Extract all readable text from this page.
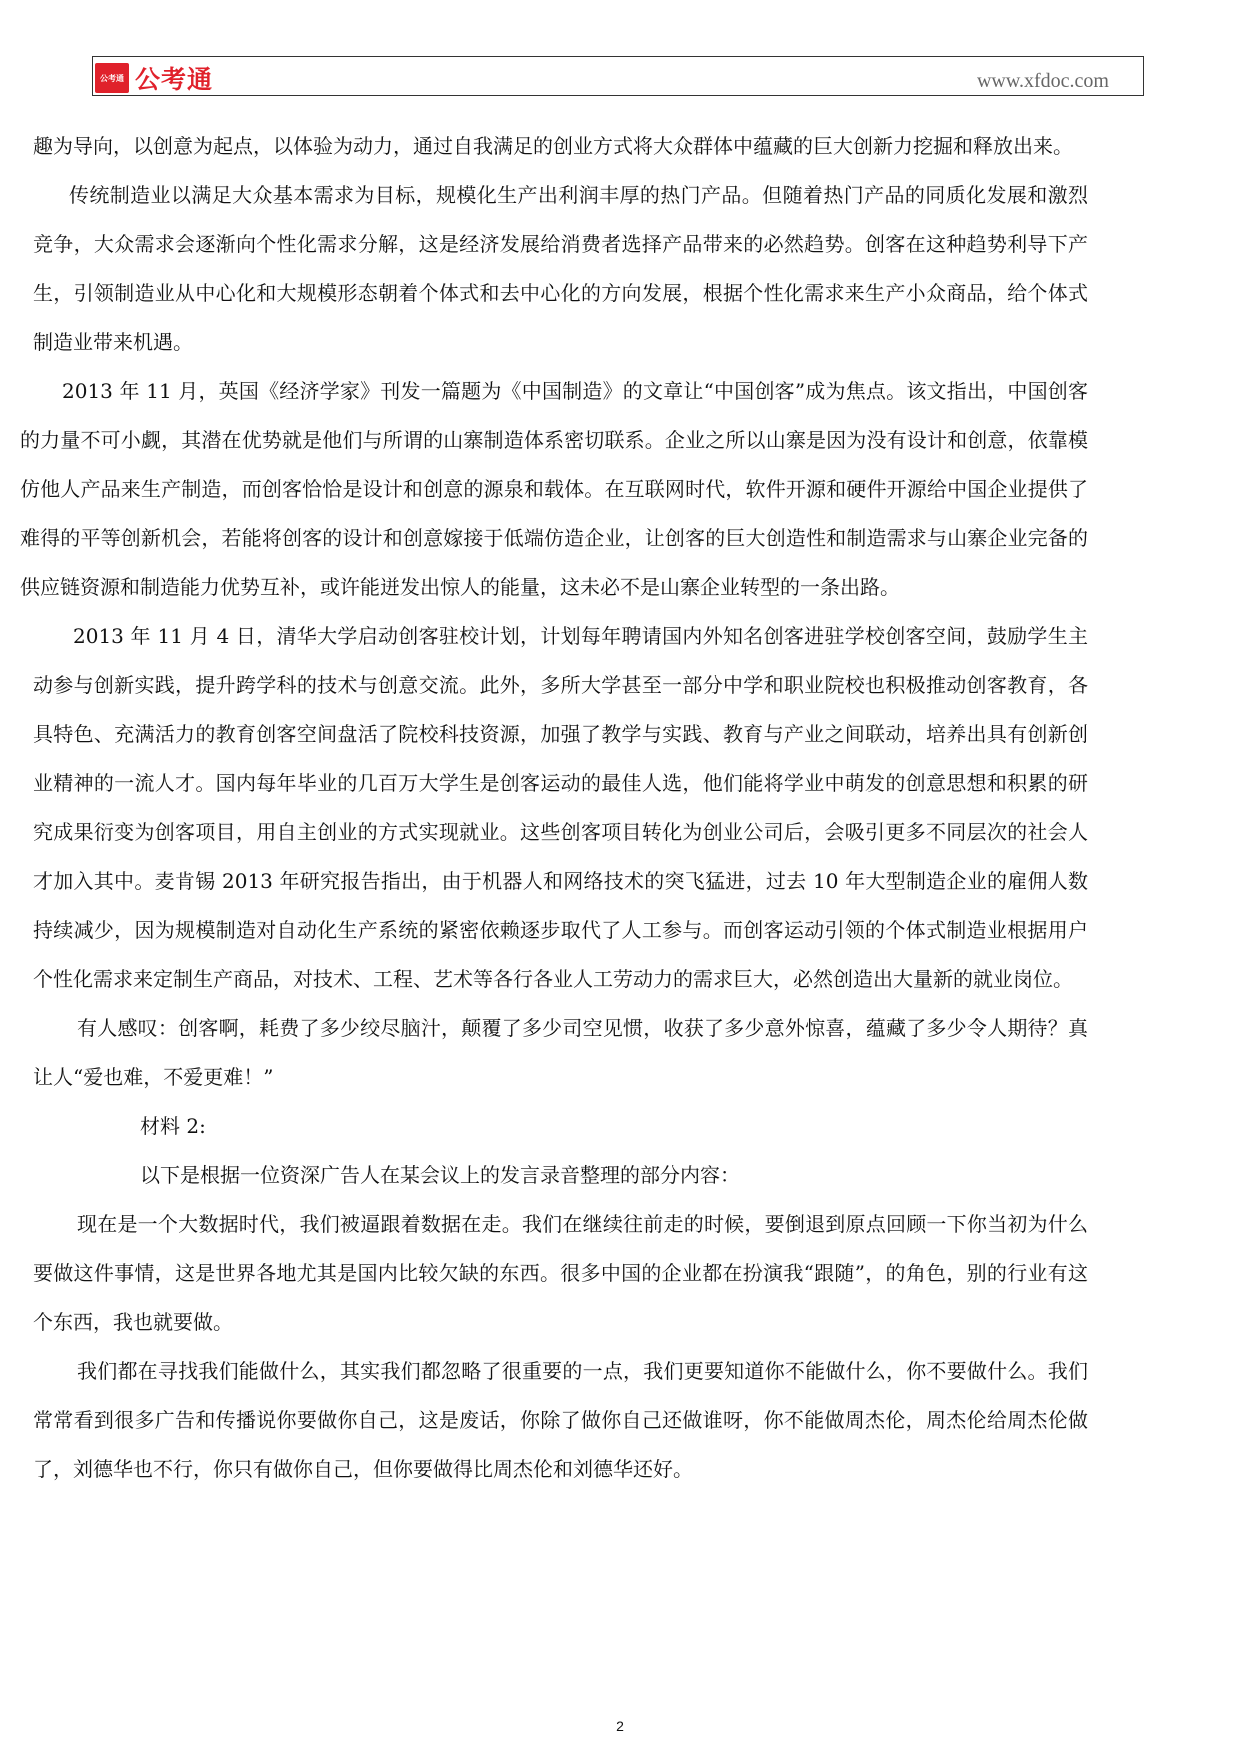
公考通 公考通	www.xfdoc.com

趣为导向，以创意为起点，以体验为动力，通过自我满足的创业方式将大众群体中蕴藏的巨大创新力挖掘和释放出来。

传统制造业以满足大众基本需求为目标，规模化生产出利润丰厚的热门产品。但随着热门产品的同质化发展和激烈竞争，大众需求会逐渐向个性化需求分解，这是经济发展给消费者选择产品带来的必然趋势。创客在这种趋势利导下产生，引领制造业从中心化和大规模形态朝着个体式和去中心化的方向发展，根据个性化需求来生产小众商品，给个体式制造业带来机遇。

2013 年 11 月，英国《经济学家》刊发一篇题为《中国制造》的文章让“中国创客”成为焦点。该文指出，中国创客的力量不可小觑，其潜在优势就是他们与所谓的山寨制造体系密切联系。企业之所以山寨是因为没有设计和创意，依靠模仿他人产品来生产制造，而创客恰恰是设计和创意的源泉和载体。在互联网时代，软件开源和硬件开源给中国企业提供了难得的平等创新机会，若能将创客的设计和创意嫁接于低端仿造企业，让创客的巨大创造性和制造需求与山寨企业完备的供应链资源和制造能力优势互补，或许能迸发出惊人的能量，这未必不是山寨企业转型的一条出路。

2013 年 11 月 4 日，清华大学启动创客驻校计划，计划每年聘请国内外知名创客进驻学校创客空间，鼓励学生主动参与创新实践，提升跨学科的技术与创意交流。此外，多所大学甚至一部分中学和职业院校也积极推动创客教育，各具特色、充满活力的教育创客空间盘活了院校科技资源，加强了教学与实践、教育与产业之间联动，培养出具有创新创业精神的一流人才。国内每年毕业的几百万大学生是创客运动的最佳人选，他们能将学业中萌发的创意思想和积累的研究成果衍变为创客项目，用自主创业的方式实现就业。这些创客项目转化为创业公司后，会吸引更多不同层次的社会人才加入其中。麦肯锡 2013 年研究报告指出，由于机器人和网络技术的突飞猛进，过去 10 年大型制造企业的雇佣人数持续减少，因为规模制造对自动化生产系统的紧密依赖逐步取代了人工参与。而创客运动引领的个体式制造业根据用户个性化需求来定制生产商品，对技术、工程、艺术等各行各业人工劳动力的需求巨大，必然创造出大量新的就业岗位。

有人感叹：创客啊，耗费了多少绞尽脑汁，颠覆了多少司空见惯，收获了多少意外惊喜，蕴藏了多少令人期待？真让人“爱也难，不爱更难！”

材料 2:

以下是根据一位资深广告人在某会议上的发言录音整理的部分内容：

现在是一个大数据时代，我们被逼跟着数据在走。我们在继续往前走的时候，要倒退到原点回顾一下你当初为什么要做这件事情，这是世界各地尤其是国内比较欠缺的东西。很多中国的企业都在扮演我“跟随”，的角色，别的行业有这个东西，我也就要做。

我们都在寻找我们能做什么，其实我们都忽略了很重要的一点，我们更要知道你不能做什么，你不要做什么。我们常常看到很多广告和传播说你要做你自己，这是废话，你除了做你自己还做谁呀，你不能做周杰伦，周杰伦给周杰伦做了，刘德华也不行，你只有做你自己，但你要做得比周杰伦和刘德华还好。

2
